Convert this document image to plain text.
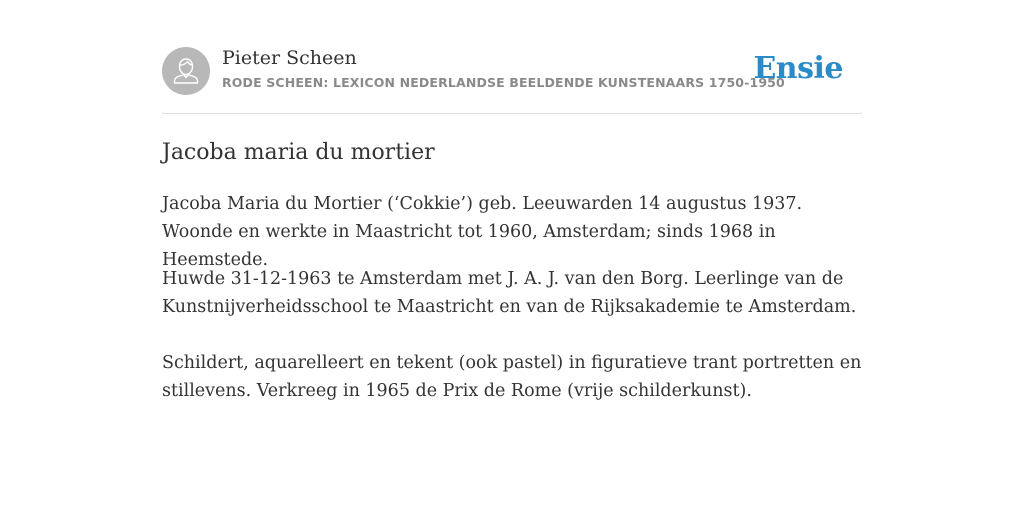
Pieter Scheen
RODE SCHEEN: LEXICON NEDERLANDSE BEELDENDE KUNSTENAARS 1750-1950
Ensie
Jacoba maria du mortier

Jacoba Maria du Mortier (‘Cokkie’) geb. Leeuwarden 14 augustus 1937. Woonde en werkte in Maastricht tot 1960, Amsterdam; sinds 1968 in Heemstede.

Huwde 31-12-1963 te Amsterdam met J. A. J. van den Borg. Leerlinge van de Kunstnijverheidsschool te Maastricht en van de Rijksakademie te Amsterdam.

Schildert, aquarelleert en tekent (ook pastel) in figuratieve trant portretten en stillevens. Verkreeg in 1965 de Prix de Rome (vrije schilderkunst).
